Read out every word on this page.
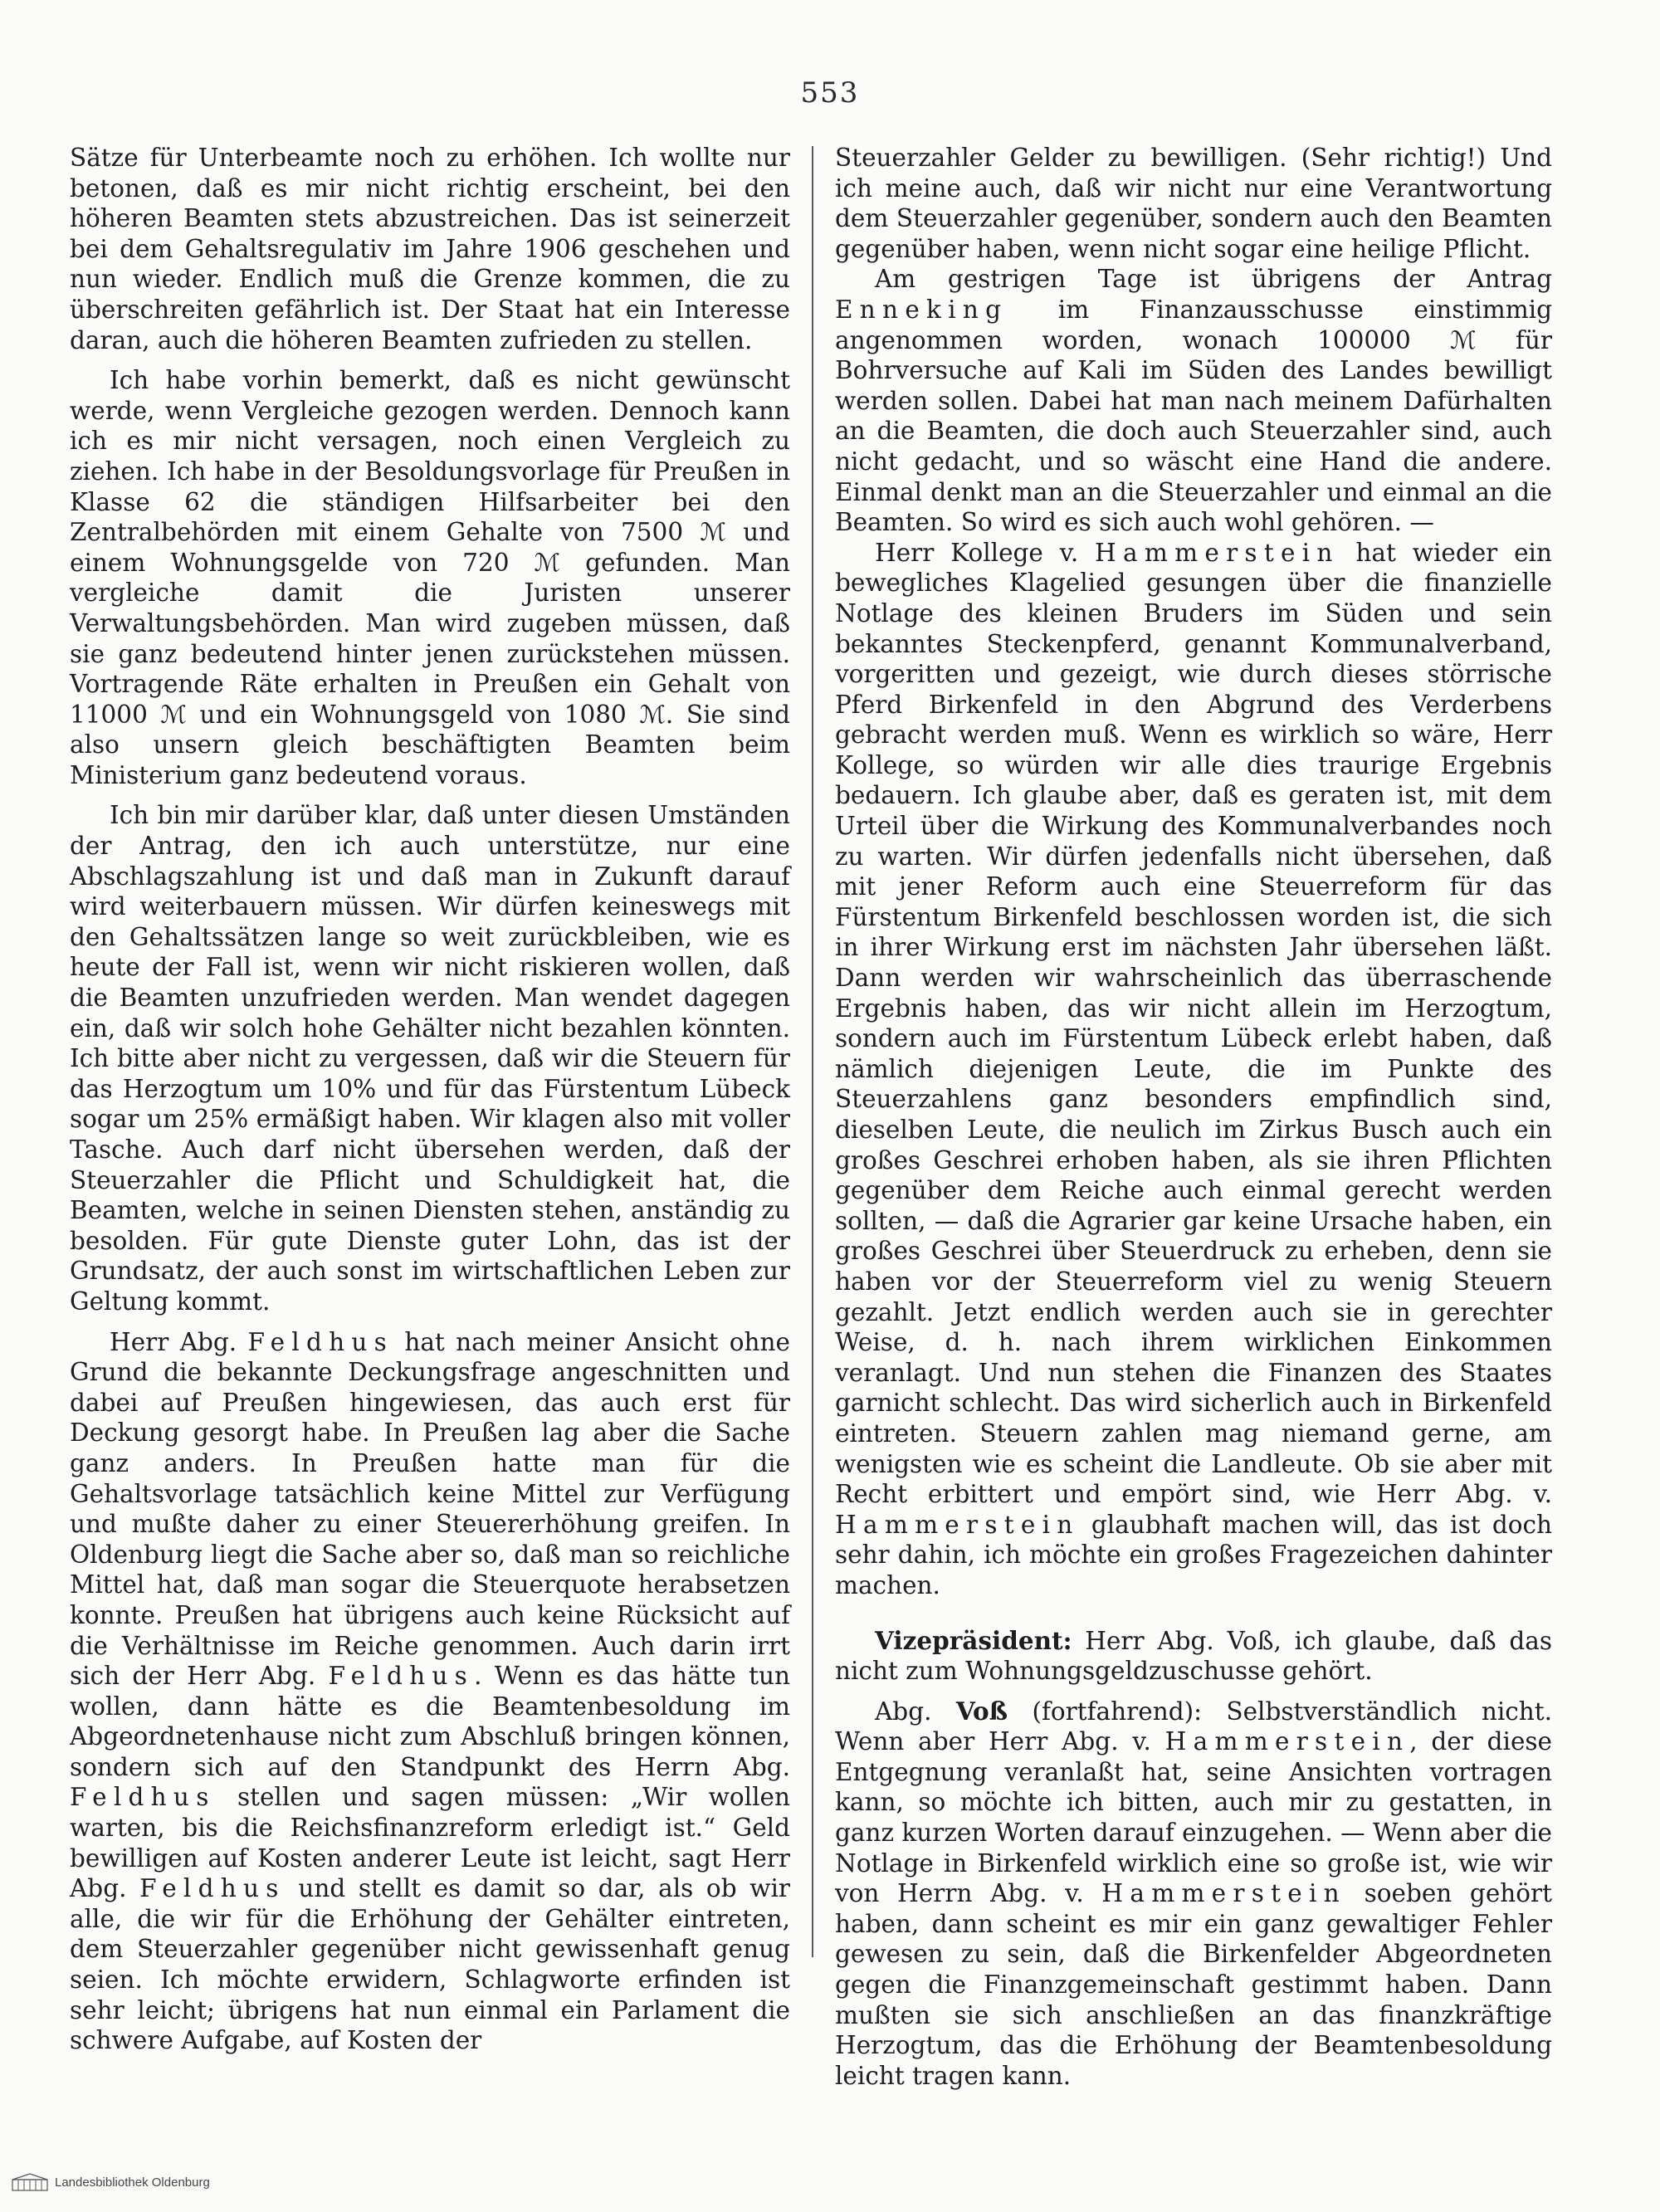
553

Sätze für Unterbeamte noch zu erhöhen. Ich wollte nur betonen, daß es mir nicht richtig erscheint, bei den höheren Beamten stets abzustreichen. Das ist seinerzeit bei dem Gehaltsregulativ im Jahre 1906 geschehen und nun wieder. Endlich muß die Grenze kommen, die zu überschreiten gefährlich ist. Der Staat hat ein Interesse daran, auch die höheren Beamten zufrieden zu stellen.

Ich habe vorhin bemerkt, daß es nicht gewünscht werde, wenn Vergleiche gezogen werden. Dennoch kann ich es mir nicht versagen, noch einen Vergleich zu ziehen. Ich habe in der Besoldungsvorlage für Preußen in Klasse 62 die ständigen Hilfsarbeiter bei den Zentralbehörden mit einem Gehalte von 7500 ℳ und einem Wohnungsgelde von 720 ℳ gefunden. Man vergleiche damit die Juristen unserer Verwaltungsbehörden. Man wird zugeben müssen, daß sie ganz bedeutend hinter jenen zurückstehen müssen. Vortragende Räte erhalten in Preußen ein Gehalt von 11000 ℳ und ein Wohnungsgeld von 1080 ℳ. Sie sind also unsern gleich beschäftigten Beamten beim Ministerium ganz bedeutend voraus.

Ich bin mir darüber klar, daß unter diesen Umständen der Antrag, den ich auch unterstütze, nur eine Abschlagszahlung ist und daß man in Zukunft darauf wird weiterbauern müssen. Wir dürfen keineswegs mit den Gehaltssätzen lange so weit zurückbleiben, wie es heute der Fall ist, wenn wir nicht riskieren wollen, daß die Beamten unzufrieden werden. Man wendet dagegen ein, daß wir solch hohe Gehälter nicht bezahlen könnten. Ich bitte aber nicht zu vergessen, daß wir die Steuern für das Herzogtum um 10% und für das Fürstentum Lübeck sogar um 25% ermäßigt haben. Wir klagen also mit voller Tasche. Auch darf nicht übersehen werden, daß der Steuerzahler die Pflicht und Schuldigkeit hat, die Beamten, welche in seinen Diensten stehen, anständig zu besolden. Für gute Dienste guter Lohn, das ist der Grundsatz, der auch sonst im wirtschaftlichen Leben zur Geltung kommt.

Herr Abg. Feldhus hat nach meiner Ansicht ohne Grund die bekannte Deckungsfrage angeschnitten und dabei auf Preußen hingewiesen, das auch erst für Deckung gesorgt habe. In Preußen lag aber die Sache ganz anders. In Preußen hatte man für die Gehaltsvorlage tatsächlich keine Mittel zur Verfügung und mußte daher zu einer Steuererhöhung greifen. In Oldenburg liegt die Sache aber so, daß man so reichliche Mittel hat, daß man sogar die Steuerquote herabsetzen konnte. Preußen hat übrigens auch keine Rücksicht auf die Verhältnisse im Reiche genommen. Auch darin irrt sich der Herr Abg. Feldhus. Wenn es das hätte tun wollen, dann hätte es die Beamtenbesoldung im Abgeordnetenhause nicht zum Abschluß bringen können, sondern sich auf den Standpunkt des Herrn Abg. Feldhus stellen und sagen müssen: „Wir wollen warten, bis die Reichsfinanzreform erledigt ist.“ Geld bewilligen auf Kosten anderer Leute ist leicht, sagt Herr Abg. Feldhus und stellt es damit so dar, als ob wir alle, die wir für die Erhöhung der Gehälter eintreten, dem Steuerzahler gegenüber nicht gewissenhaft genug seien. Ich möchte erwidern, Schlagworte erfinden ist sehr leicht; übrigens hat nun einmal ein Parlament die schwere Aufgabe, auf Kosten der

Steuerzahler Gelder zu bewilligen. (Sehr richtig!) Und ich meine auch, daß wir nicht nur eine Verantwortung dem Steuerzahler gegenüber, sondern auch den Beamten gegenüber haben, wenn nicht sogar eine heilige Pflicht.

Am gestrigen Tage ist übrigens der Antrag Enneking im Finanzausschusse einstimmig angenommen worden, wonach 100000 ℳ für Bohrversuche auf Kali im Süden des Landes bewilligt werden sollen. Dabei hat man nach meinem Dafürhalten an die Beamten, die doch auch Steuerzahler sind, auch nicht gedacht, und so wäscht eine Hand die andere. Einmal denkt man an die Steuerzahler und einmal an die Beamten. So wird es sich auch wohl gehören. —

Herr Kollege v. Hammerstein hat wieder ein bewegliches Klagelied gesungen über die finanzielle Notlage des kleinen Bruders im Süden und sein bekanntes Steckenpferd, genannt Kommunalverband, vorgeritten und gezeigt, wie durch dieses störrische Pferd Birkenfeld in den Abgrund des Verderbens gebracht werden muß. Wenn es wirklich so wäre, Herr Kollege, so würden wir alle dies traurige Ergebnis bedauern. Ich glaube aber, daß es geraten ist, mit dem Urteil über die Wirkung des Kommunalverbandes noch zu warten. Wir dürfen jedenfalls nicht übersehen, daß mit jener Reform auch eine Steuerreform für das Fürstentum Birkenfeld beschlossen worden ist, die sich in ihrer Wirkung erst im nächsten Jahr übersehen läßt. Dann werden wir wahrscheinlich das überraschende Ergebnis haben, das wir nicht allein im Herzogtum, sondern auch im Fürstentum Lübeck erlebt haben, daß nämlich diejenigen Leute, die im Punkte des Steuerzahlens ganz besonders empfindlich sind, dieselben Leute, die neulich im Zirkus Busch auch ein großes Geschrei erhoben haben, als sie ihren Pflichten gegenüber dem Reiche auch einmal gerecht werden sollten, — daß die Agrarier gar keine Ursache haben, ein großes Geschrei über Steuerdruck zu erheben, denn sie haben vor der Steuerreform viel zu wenig Steuern gezahlt. Jetzt endlich werden auch sie in gerechter Weise, d. h. nach ihrem wirklichen Einkommen veranlagt. Und nun stehen die Finanzen des Staates garnicht schlecht. Das wird sicherlich auch in Birkenfeld eintreten. Steuern zahlen mag niemand gerne, am wenigsten wie es scheint die Landleute. Ob sie aber mit Recht erbittert und empört sind, wie Herr Abg. v. Hammerstein glaubhaft machen will, das ist doch sehr dahin, ich möchte ein großes Fragezeichen dahinter machen.

Vizepräsident: Herr Abg. Voß, ich glaube, daß das nicht zum Wohnungsgeldzuschusse gehört.

Abg. Voß (fortfahrend): Selbstverständlich nicht. Wenn aber Herr Abg. v. Hammerstein, der diese Entgegnung veranlaßt hat, seine Ansichten vortragen kann, so möchte ich bitten, auch mir zu gestatten, in ganz kurzen Worten darauf einzugehen. — Wenn aber die Notlage in Birkenfeld wirklich eine so große ist, wie wir von Herrn Abg. v. Hammerstein soeben gehört haben, dann scheint es mir ein ganz gewaltiger Fehler gewesen zu sein, daß die Birkenfelder Abgeordneten gegen die Finanzgemeinschaft gestimmt haben. Dann mußten sie sich anschließen an das finanzkräftige Herzogtum, das die Erhöhung der Beamtenbesoldung leicht tragen kann.

Landesbibliothek Oldenburg
